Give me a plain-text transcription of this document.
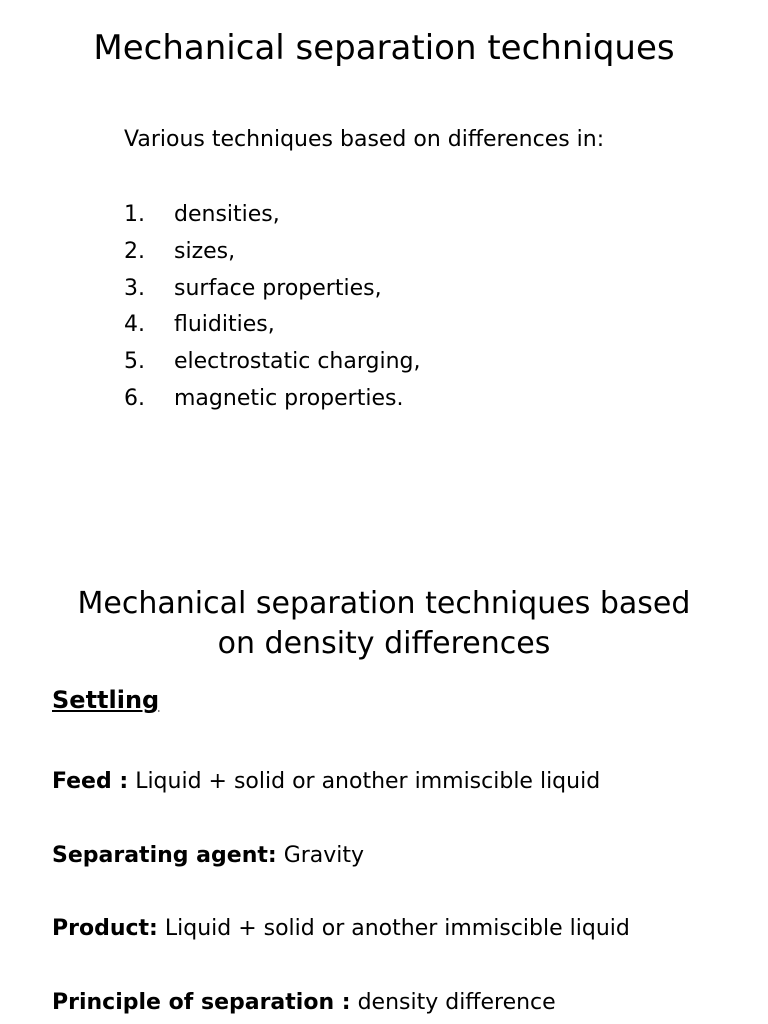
Mechanical separation techniques

Various techniques based on differences in:

1.	densities,
2.	sizes,
3.	surface properties,
4.	fluidities,
5.	electrostatic charging,
6.	magnetic properties.
Mechanical separation techniques based
on density differences
Settling
Feed : Liquid + solid or another immiscible liquid
Separating agent: Gravity
Product: Liquid + solid or another immiscible liquid
Principle of separation : density difference
